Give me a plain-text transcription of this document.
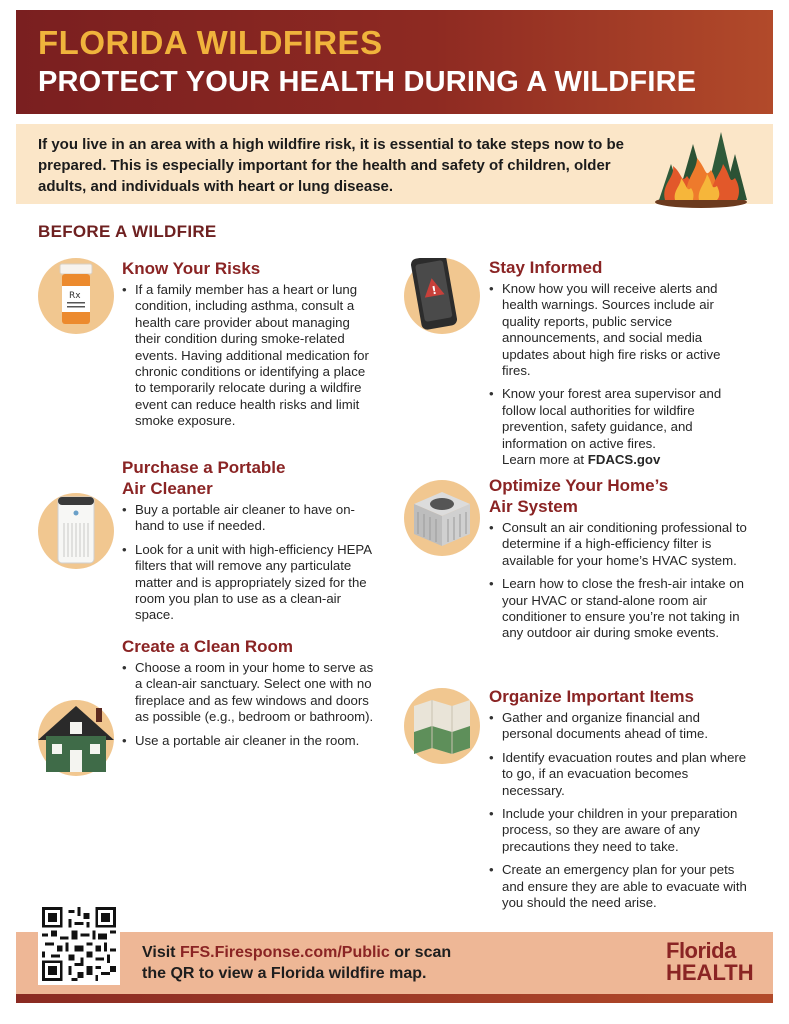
FLORIDA WILDFIRES
PROTECT YOUR HEALTH DURING A WILDFIRE

If you live in an area with a high wildfire risk, it is essential to take steps now to be prepared. This is especially important for the health and safety of children, older adults, and individuals with heart or lung disease.

BEFORE A WILDFIRE
Rx	!
Know Your Risks
• If a family member has a heart or lung condition, including asthma, consult a health care provider about managing their condition during smoke-related events. Having additional medication for chronic conditions or identifying a place to temporarily relocate during a wildfire event can reduce health risks and limit smoke exposure.
Purchase a Portable
Air Cleaner
• Buy a portable air cleaner to have on-hand to use if needed.
• Look for a unit with high-efficiency HEPA filters that will remove any particulate matter and is appropriately sized for the room you plan to use as a clean-air space.
Create a Clean Room
• Choose a room in your home to serve as a clean-air sanctuary. Select one with no fireplace and as few windows and doors as possible (e.g., bedroom or bathroom).
• Use a portable air cleaner in the room.
Stay Informed
• Know how you will receive alerts and health warnings. Sources include air quality reports, public service announcements, and social media updates about high fire risks or active fires.
• Know your forest area supervisor and follow local authorities for wildfire prevention, safety guidance, and information on active fires.
Learn more at FDACS.gov
Optimize Your Home’s
Air System
• Consult an air conditioning professional to determine if a high-efficiency filter is available for your home’s HVAC system.
• Learn how to close the fresh-air intake on your HVAC or stand-alone room air conditioner to ensure you’re not taking in any outdoor air during smoke events.
Organize Important Items
• Gather and organize financial and personal documents ahead of time.
• Identify evacuation routes and plan where to go, if an evacuation becomes necessary.
• Include your children in your preparation process, so they are aware of any precautions they need to take.
• Create an emergency plan for your pets and ensure they are able to evacuate with you should the need arise.
Visit FFS.Firesponse.com/Public or scan
the QR to view a Florida wildfire map.
Florida
HEALTH
